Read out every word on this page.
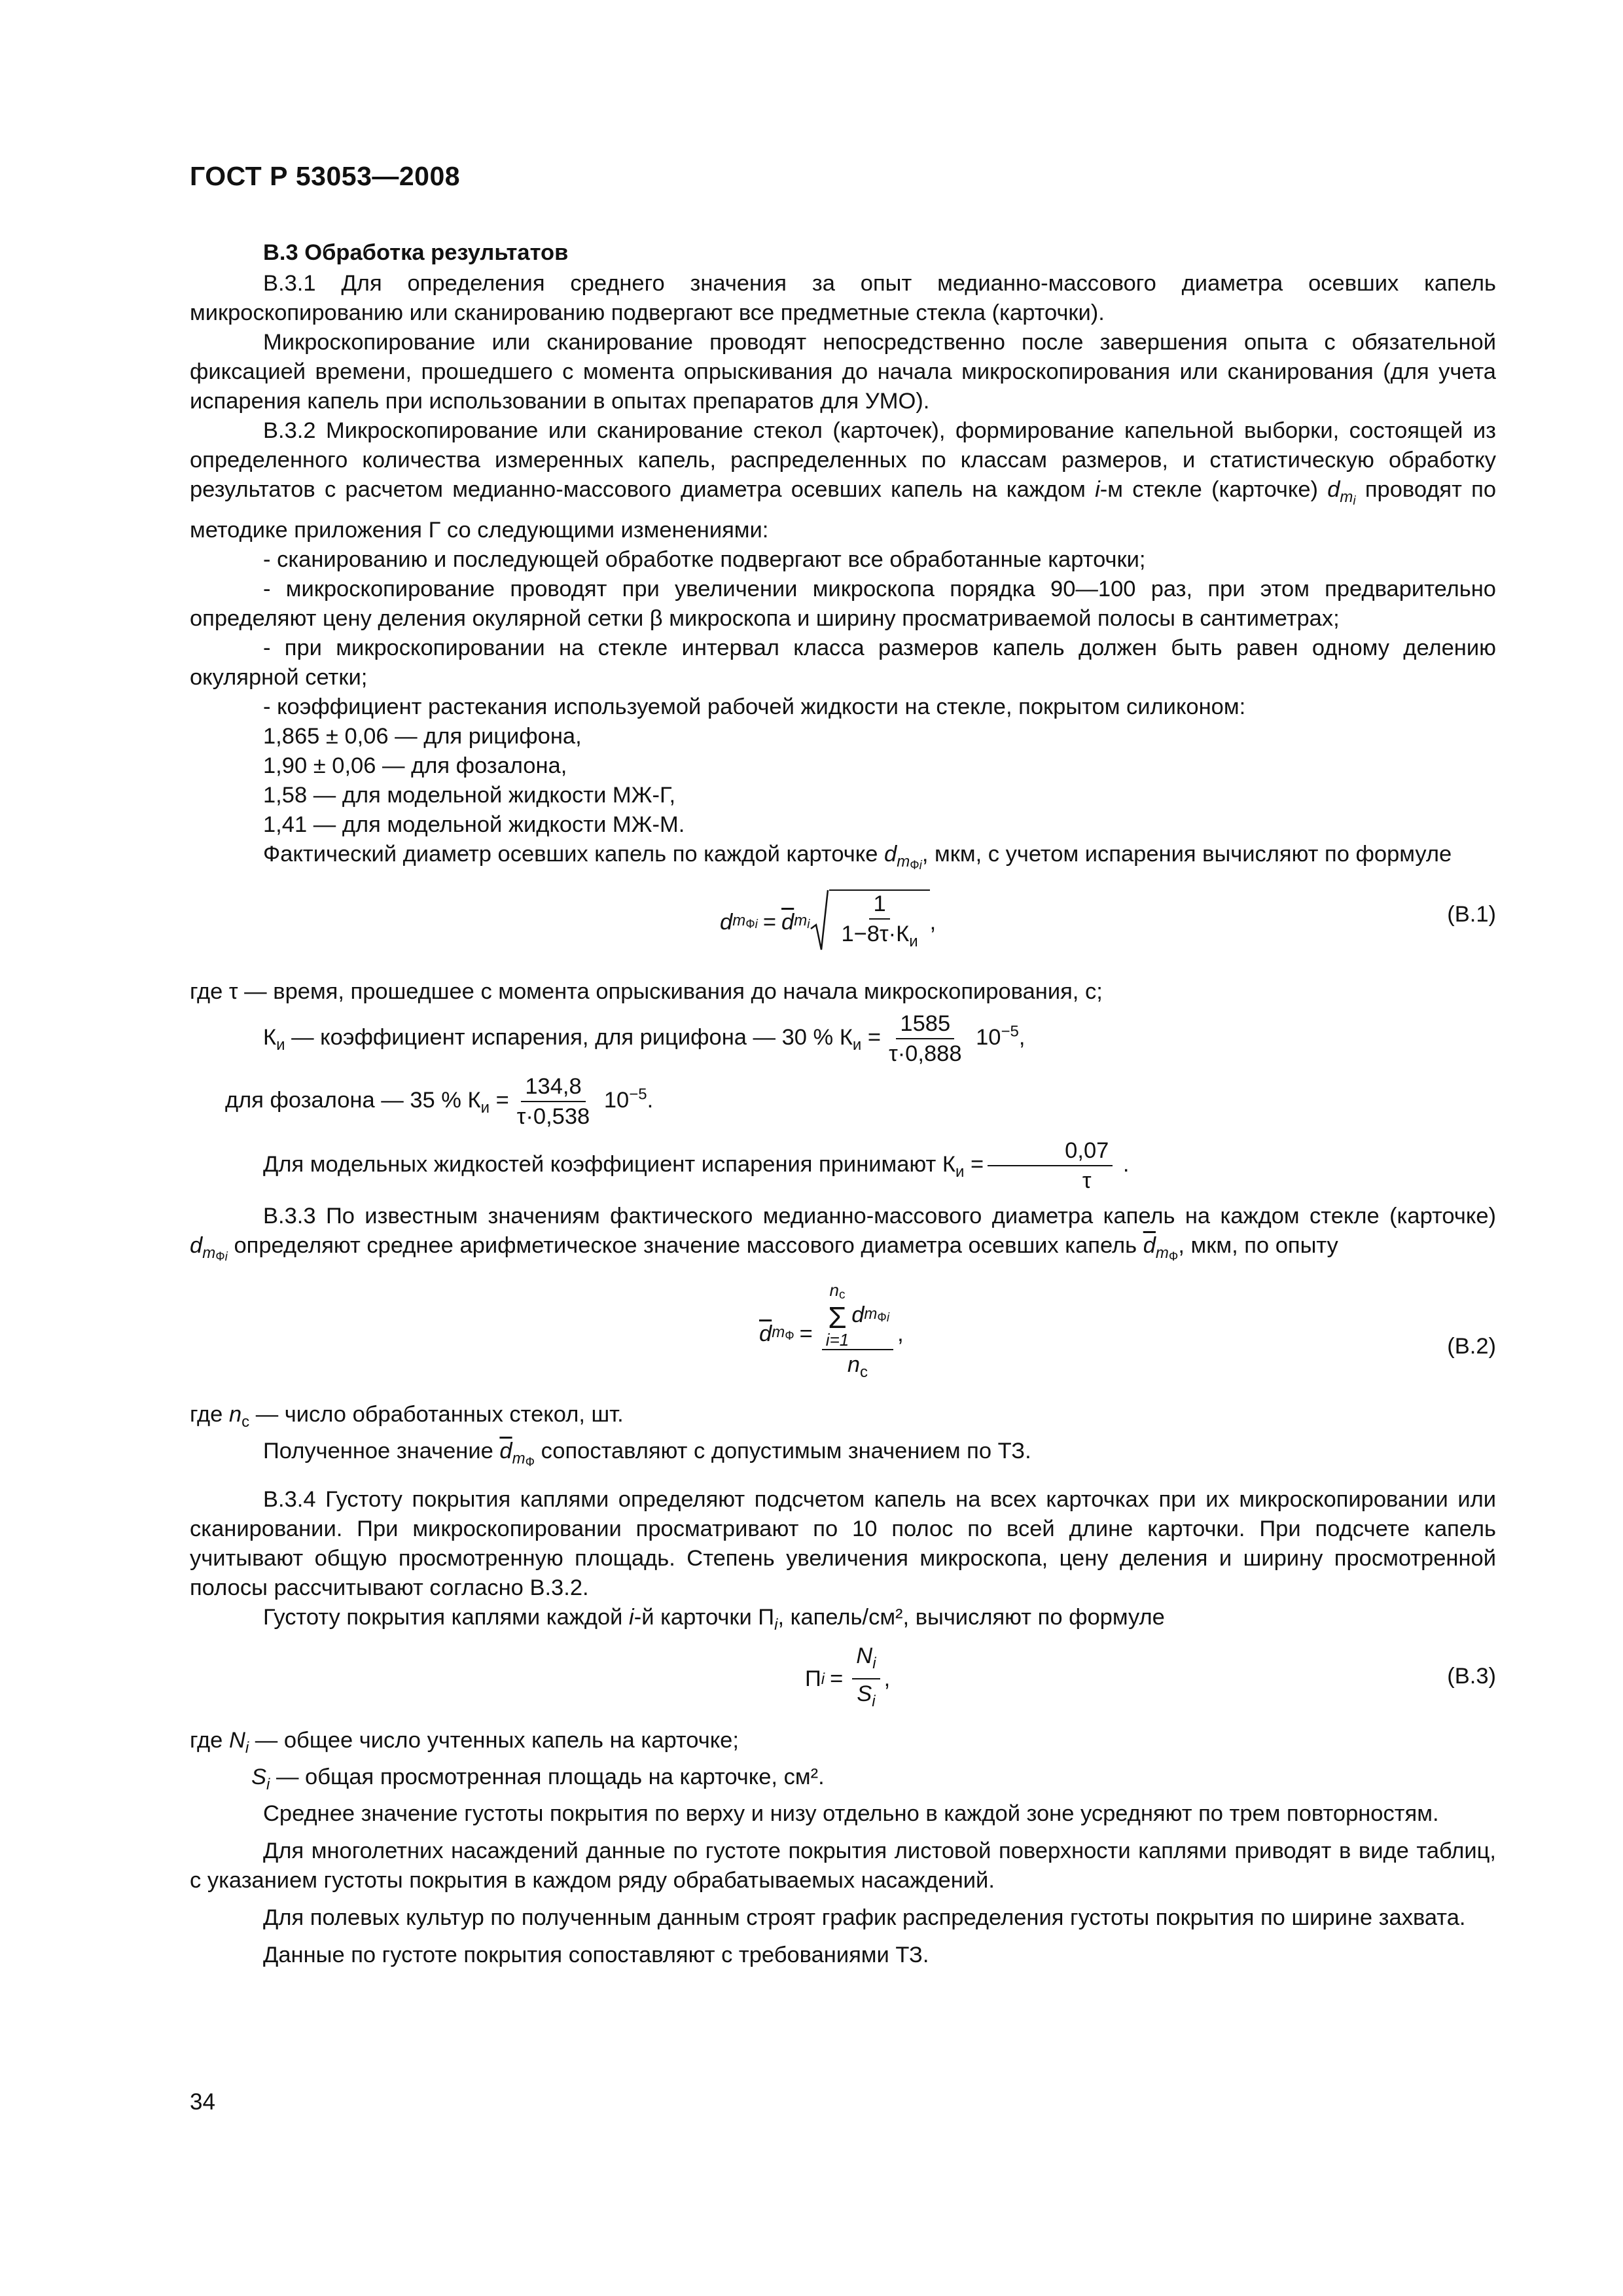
ГОСТ Р 53053—2008

В.3 Обработка результатов

В.3.1 Для определения среднего значения за опыт медианно-массового диаметра осевших капель микроскопированию или сканированию подвергают все предметные стекла (карточки).

Микроскопирование или сканирование проводят непосредственно после завершения опыта с обязательной фиксацией времени, прошедшего с момента опрыскивания до начала микроскопирования или сканирования (для учета испарения капель при использовании в опытах препаратов для УМО).

В.3.2 Микроскопирование или сканирование стекол (карточек), формирование капельной выборки, состоящей из определенного количества измеренных капель, распределенных по классам размеров, и статистическую обработку результатов с расчетом медианно-массового диаметра осевших капель на каждом i-м стекле (карточке) $d_{m_i}$ проводят по методике приложения Г со следующими изменениями:

- сканированию и последующей обработке подвергают все обработанные карточки;

- микроскопирование проводят при увеличении микроскопа порядка 90—100 раз, при этом предварительно определяют цену деления окулярной сетки β микроскопа и ширину просматриваемой полосы в сантиметрах;

- при микроскопировании на стекле интервал класса размеров капель должен быть равен одному делению окулярной сетки;

- коэффициент растекания используемой рабочей жидкости на стекле, покрытом силиконом:

1,865 ± 0,06 — для рицифона,

1,90 ± 0,06 — для фозалона,

1,58 — для модельной жидкости МЖ-Г,

1,41 — для модельной жидкости МЖ-М.

Фактический диаметр осевших капель по каждой карточке $d_{m_{Фi}}$, мкм, с учетом испарения вычисляют по формуле

d $m_{Фi} = \overline{d}$ $m_i \frac{1}{1-8\tau\cdot К_и}$ ,	(В.1)

где τ — время, прошедшее с момента опрыскивания до начала микроскопирования, с;

$К_и$ — коэффициент испарения, для рицифона — 30 % $К_и = \frac{1585}{\tau\cdot 0,888} 10^{-5}$,

для фозалона — 35 % $К_и = \frac{134,8}{\tau\cdot 0,538} 10^{-5}$.

Для модельных жидкостей коэффициент испарения принимают $К_и = \frac{0,07}{\tau}$ .

В.3.3 По известным значениям фактического медианно-массового диаметра капель на каждом стекле (карточке) $d_{m_{Фi}}$ определяют среднее арифметическое значение массового диаметра осевших капель $\overline{d}_{m_Ф}$, мкм, по опыту

$\overline{d}$ $m_Ф$ =
$n_с$
Σ
i=1
d $m_{Фi}$
$n_с$
,
(В.2)

где $n_с$ — число обработанных стекол, шт.

Полученное значение $\overline{d}_{m_Ф}$ сопоставляют с допустимым значением по ТЗ.

В.3.4 Густоту покрытия каплями определяют подсчетом капель на всех карточках при их микроскопировании или сканировании. При микроскопировании просматривают по 10 полос по всей длине карточки. При подсчете капель учитывают общую просмотренную площадь. Степень увеличения микроскопа, цену деления и ширину просмотренной полосы рассчитывают согласно В.3.2.

Густоту покрытия каплями каждой i-й карточки $П_i$, капель/см², вычисляют по формуле

П $i = \frac{N_i}{S_i}$ ,	(В.3)

где $N_i$ — общее число учтенных капель на карточке;

$S_i$ — общая просмотренная площадь на карточке, см².

Среднее значение густоты покрытия по верху и низу отдельно в каждой зоне усредняют по трем повторностям.

Для многолетних насаждений данные по густоте покрытия листовой поверхности каплями приводят в виде таблиц, с указанием густоты покрытия в каждом ряду обрабатываемых насаждений.

Для полевых культур по полученным данным строят график распределения густоты покрытия по ширине захвата.

Данные по густоте покрытия сопоставляют с требованиями ТЗ.

34
